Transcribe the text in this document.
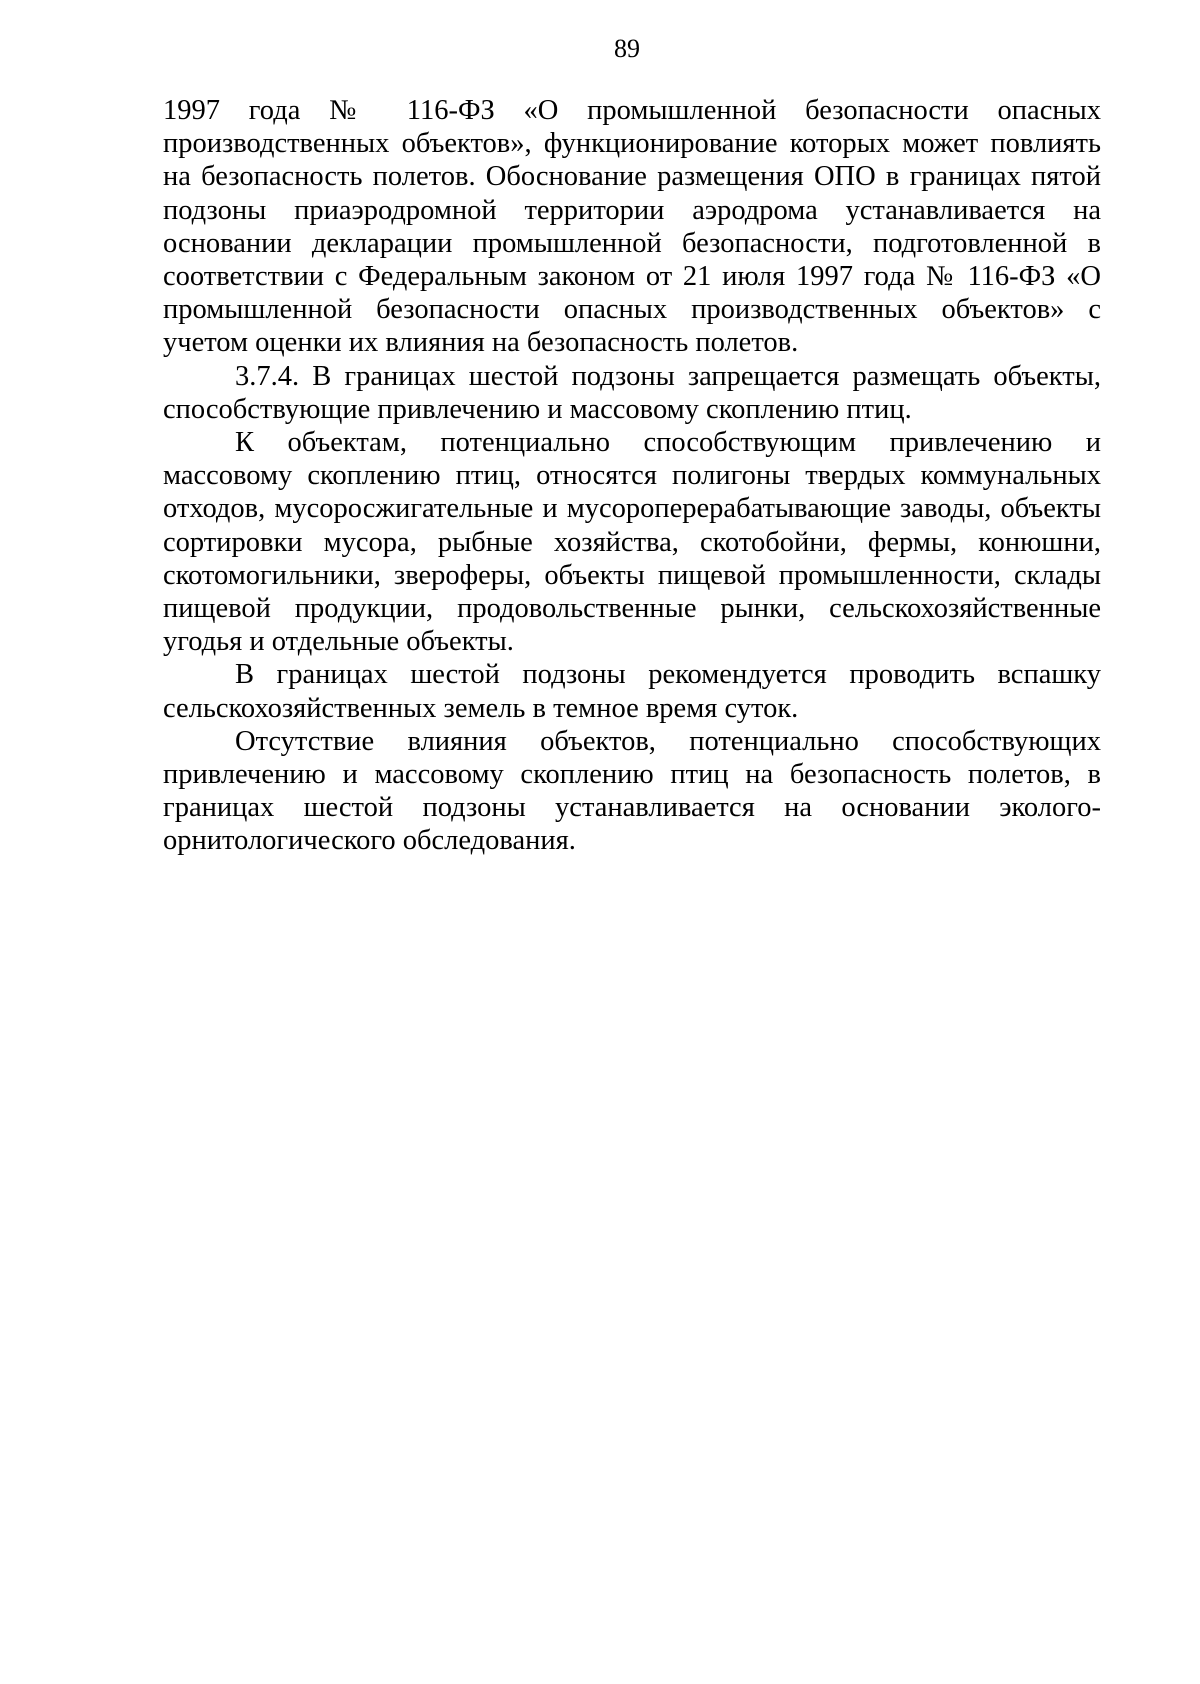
89

1997 года № 116-ФЗ «О промышленной безопасности опасных производственных объектов», функционирование которых может повлиять на безопасность полетов. Обоснование размещения ОПО в границах пятой подзоны приаэродромной территории аэродрома устанавливается на основании декларации промышленной безопасности, подготовленной в соответствии с Федеральным законом от 21 июля 1997 года № 116-ФЗ «О промышленной безопасности опасных производственных объектов» с учетом оценки их влияния на безопасность полетов.

3.7.4. В границах шестой подзоны запрещается размещать объекты, способствующие привлечению и массовому скоплению птиц.

К объектам, потенциально способствующим привлечению и массовому скоплению птиц, относятся полигоны твердых коммунальных отходов, мусоросжигательные и мусороперерабатывающие заводы, объекты сортировки мусора, рыбные хозяйства, скотобойни, фермы, конюшни, скотомогильники, звероферы, объекты пищевой промышленности, склады пищевой продукции, продовольственные рынки, сельскохозяйственные угодья и отдельные объекты.

В границах шестой подзоны рекомендуется проводить вспашку сельскохозяйственных земель в темное время суток.

Отсутствие влияния объектов, потенциально способствующих привлечению и массовому скоплению птиц на безопасность полетов, в границах шестой подзоны устанавливается на основании эколого-орнитологического обследования.
